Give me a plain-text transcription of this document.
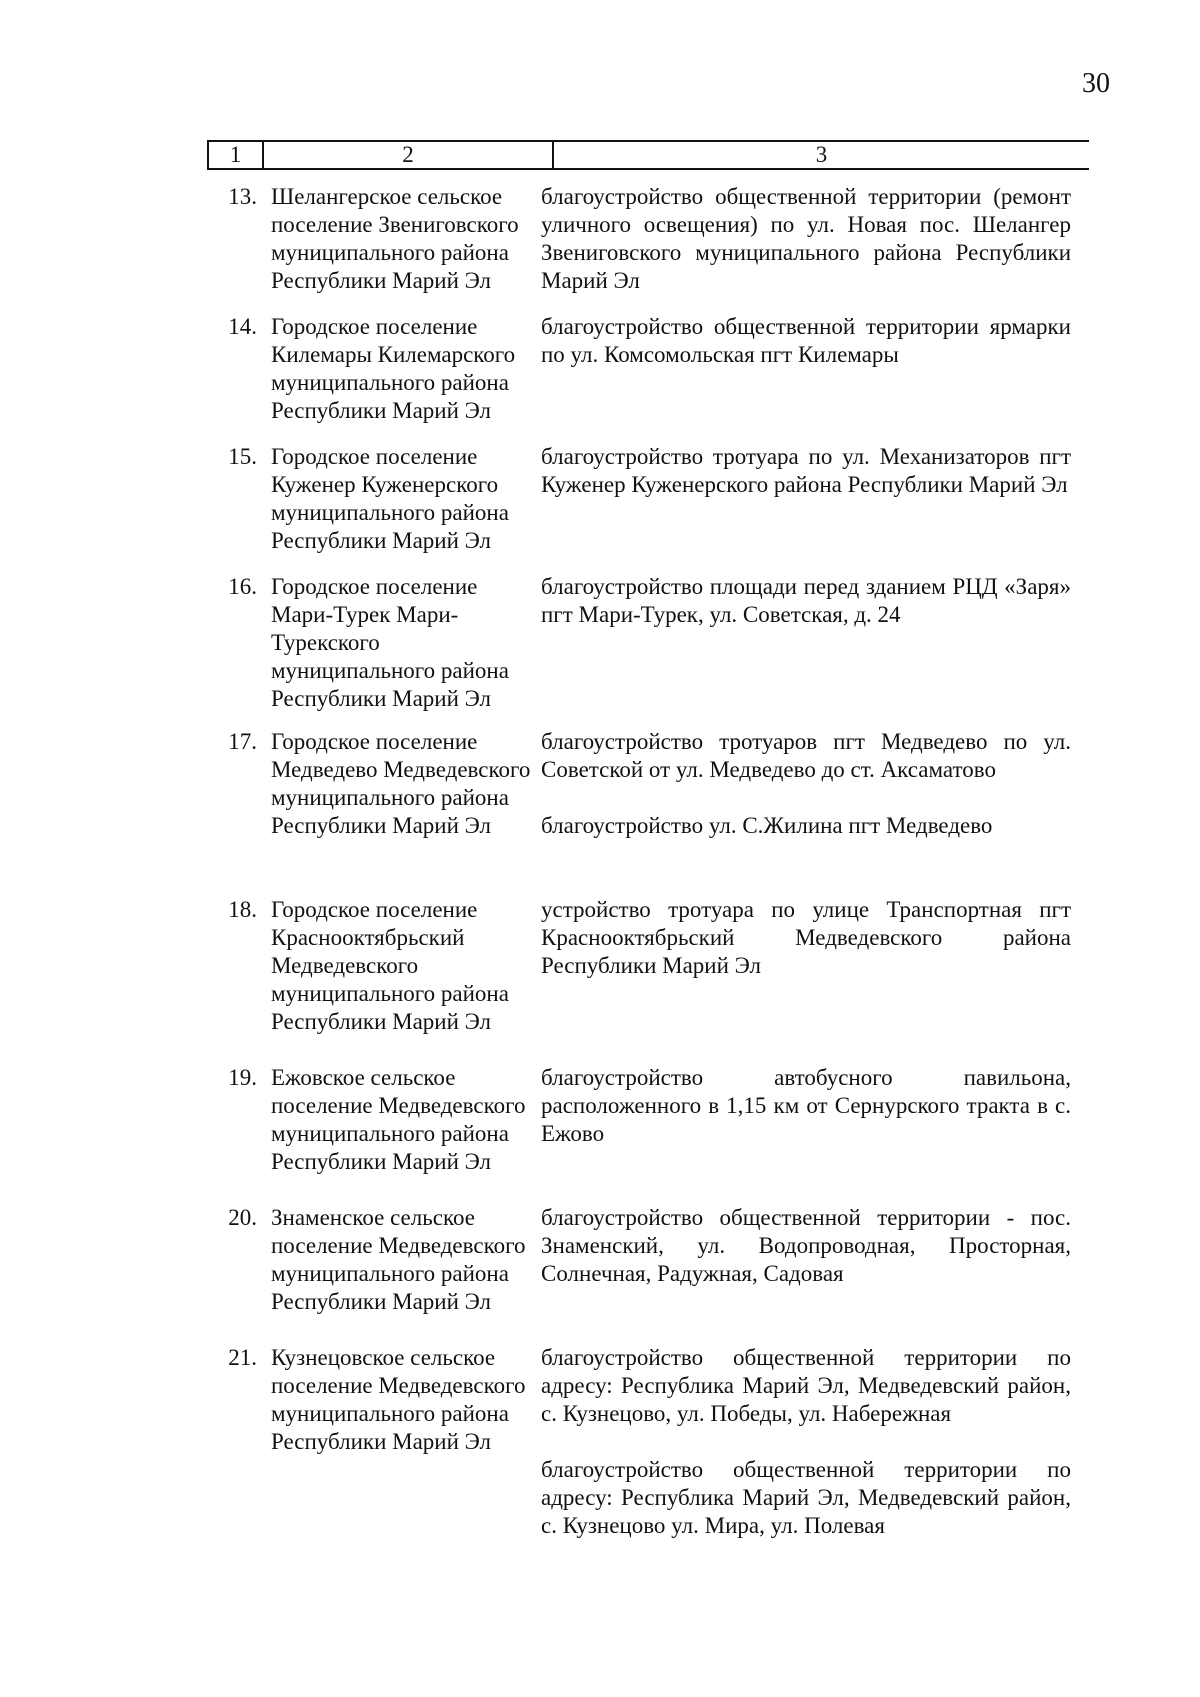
30
1	2	3
13. Шелангерское сельское поселение Звениговского муниципального района Республики Марий Эл
благоустройство общественной территории (ремонт уличного освещения) по ул. Новая пос. Шелангер Звениговского муниципального района Республики Марий Эл
14. Городское поселение Килемары Килемарского муниципального района Республики Марий Эл
благоустройство общественной территории ярмарки по ул. Комсомольская пгт Килемары
15. Городское поселение Куженер Куженерского муниципального района Республики Марий Эл
благоустройство тротуара по ул. Механизаторов пгт Куженер Куженерского района Республики Марий Эл
16. Городское поселение Мари-Турек Мари-Турекского муниципального района Республики Марий Эл
благоустройство площади перед зданием РЦД «Заря» пгт Мари-Турек, ул. Советская, д. 24
17. Городское поселение Медведево Медведевского муниципального района Республики Марий Эл
благоустройство тротуаров пгт Медведево по ул. Советской от ул. Медведево до ст. Аксаматово
благоустройство ул. С.Жилина пгт Медведево
18. Городское поселение Краснооктябрьский Медведевского муниципального района Республики Марий Эл
устройство тротуара по улице Транспортная пгт Краснооктябрьский Медведевского района Республики Марий Эл
19. Ежовское сельское поселение Медведевского муниципального района Республики Марий Эл
благоустройство автобусного павильона, расположенного в 1,15 км от Сернурского тракта в с. Ежово
20. Знаменское сельское поселение Медведевского муниципального района Республики Марий Эл
благоустройство общественной территории - пос. Знаменский, ул. Водопроводная, Просторная, Солнечная, Радужная, Садовая
21. Кузнецовское сельское поселение Медведевского муниципального района Республики Марий Эл
благоустройство общественной территории по адресу: Республика Марий Эл, Медведевский район, с. Кузнецово, ул. Победы, ул. Набережная
благоустройство общественной территории по адресу: Республика Марий Эл, Медведевский район, с. Кузнецово ул. Мира, ул. Полевая
